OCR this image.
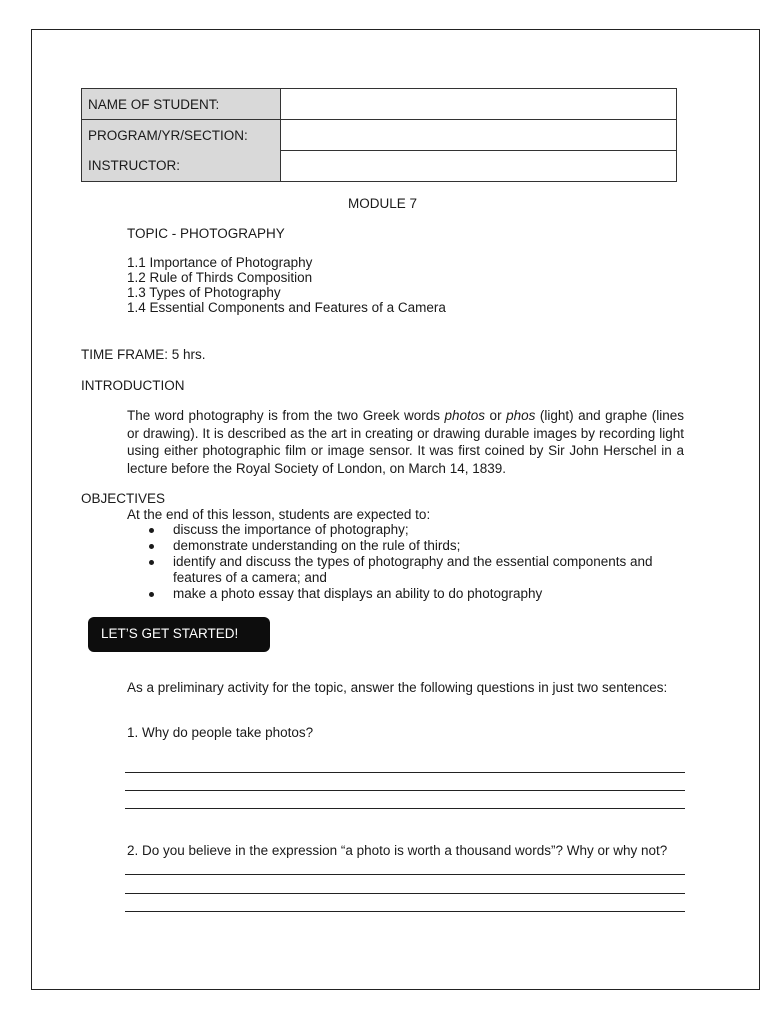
NAME OF STUDENT:	
PROGRAM/YR/SECTION:	
INSTRUCTOR:	
MODULE 7
TOPIC - PHOTOGRAPHY
1.1 Importance of Photography
1.2 Rule of Thirds Composition
1.3 Types of Photography
1.4 Essential Components and Features of a Camera
TIME FRAME: 5 hrs.
INTRODUCTION
The word photography is from the two Greek words photos or phos (light) and graphe (lines or drawing). It is described as the art in creating or drawing durable images by recording light using either photographic film or image sensor. It was first coined by Sir John Herschel in a lecture before the Royal Society of London, on March 14, 1839.
OBJECTIVES
At the end of this lesson, students are expected to:
discuss the importance of photography;
demonstrate understanding on the rule of thirds;
identify and discuss the types of photography and the essential components and features of a camera; and
make a photo essay that displays an ability to do photography
LET’S GET STARTED!
As a preliminary activity for the topic, answer the following questions in just two sentences:
1. Why do people take photos?
2. Do you believe in the expression “a photo is worth a thousand words”? Why or why not?
